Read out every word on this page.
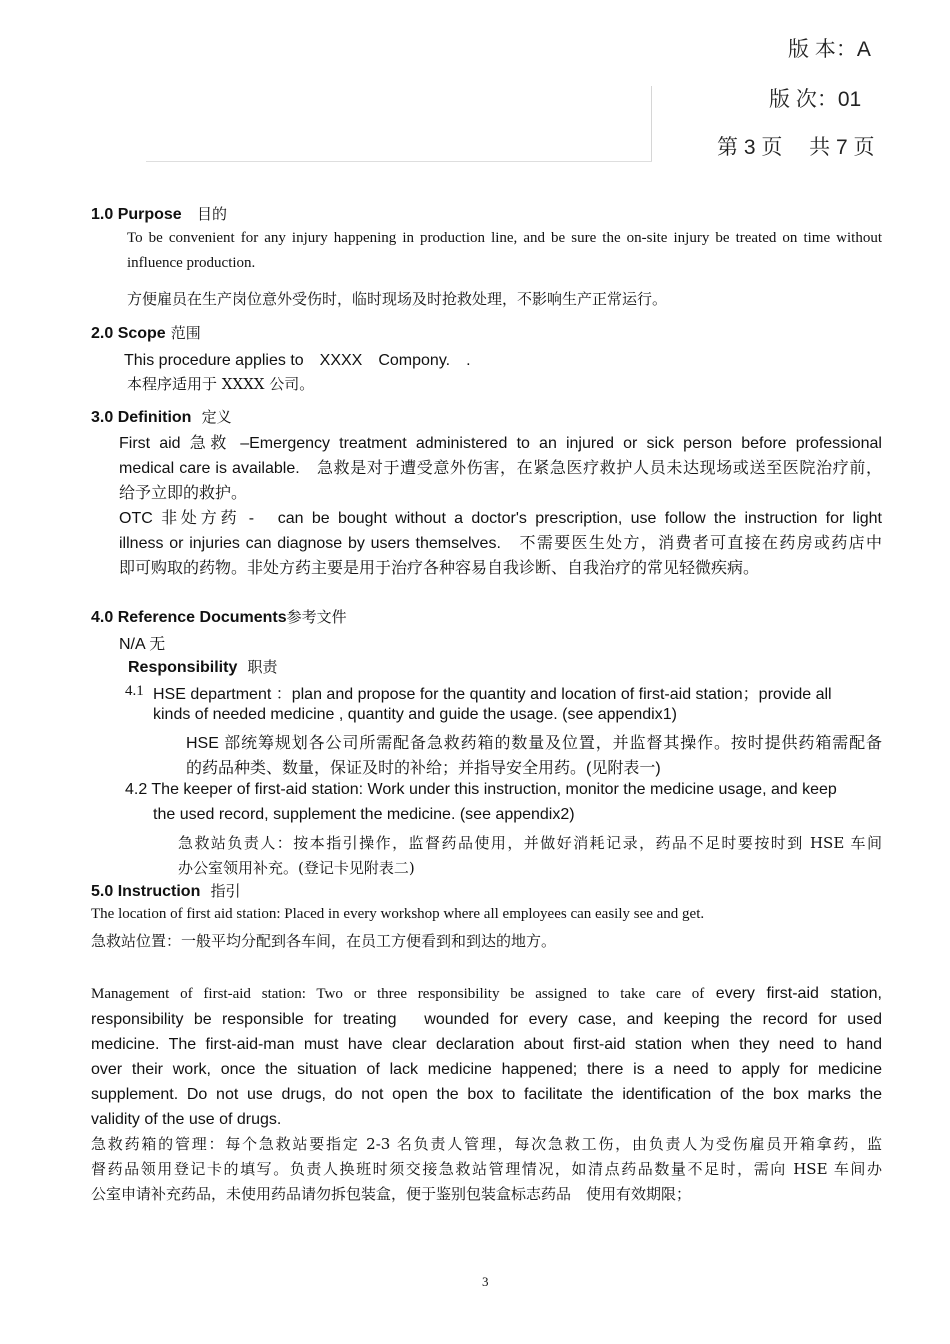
版 本：A
版 次：01
第 3 页　 共 7 页
1.0 Purpose 目的
To be convenient for any injury happening in production line, and be sure the on-site injury be treated on time without
influence production.
方便雇员在生产岗位意外受伤时，临时现场及时抢救处理，不影响生产正常运行。
2.0 Scope 范围
This procedure applies to　XXXX　Compony.　.
本程序适用于 XXXX 公司。
3.0 Definition 定义
First aid 急救 –Emergency treatment administered to an injured or sick person before professional
medical care is available.　急救是对于遭受意外伤害，在紧急医疗救护人员未达现场或送至医院治疗前，
给予立即的救护。
OTC 非处方药 -　can be bought without a doctor's prescription, use follow the instruction for light
illness or injuries can diagnose by users themselves.　不需要医生处方，消费者可直接在药房或药店中
即可购取的药物。非处方药主要是用于治疗各种容易自我诊断、自我治疗的常见轻微疾病。
4.0 Reference Documents参考文件
N/A 无
Responsibility 职责
4.1 HSE department ：plan and propose for the quantity and location of first-aid station；provide all
kinds of needed medicine , quantity and guide the usage. (see appendix1)
HSE 部统筹规划各公司所需配备急救药箱的数量及位置，并监督其操作。按时提供药箱需配备
的药品种类、数量，保证及时的补给；并指导安全用药。(见附表一)
4.2 The keeper of first-aid station: Work under this instruction, monitor the medicine usage, and keep
the used record, supplement the medicine. (see appendix2)
急救站负责人：按本指引操作，监督药品使用，并做好消耗记录，药品不足时要按时到 HSE 车间
办公室领用补充。(登记卡见附表二)
5.0 Instruction 指引
The location of first aid station: Placed in every workshop where all employees can easily see and get.
急救站位置：一般平均分配到各车间，在员工方便看到和到达的地方。
Management of first-aid station: Two or three responsibility be assigned to take care of every first-aid station,
responsibility be responsible for treating　wounded for every case, and keeping the record for used
medicine. The first-aid-man must have clear declaration about first-aid station when they need to hand
over their work, once the situation of lack medicine happened; there is a need to apply for medicine
supplement. Do not use drugs, do not open the box to facilitate the identification of the box marks the
validity of the use of drugs.
急救药箱的管理：每个急救站要指定 2-3 名负责人管理，每次急救工伤，由负责人为受伤雇员开箱拿药，监
督药品领用登记卡的填写。负责人换班时须交接急救站管理情况，如清点药品数量不足时，需向 HSE 车间办
公室申请补充药品，未使用药品请勿拆包装盒，便于鉴别包装盒标志药品　使用有效期限；
3
